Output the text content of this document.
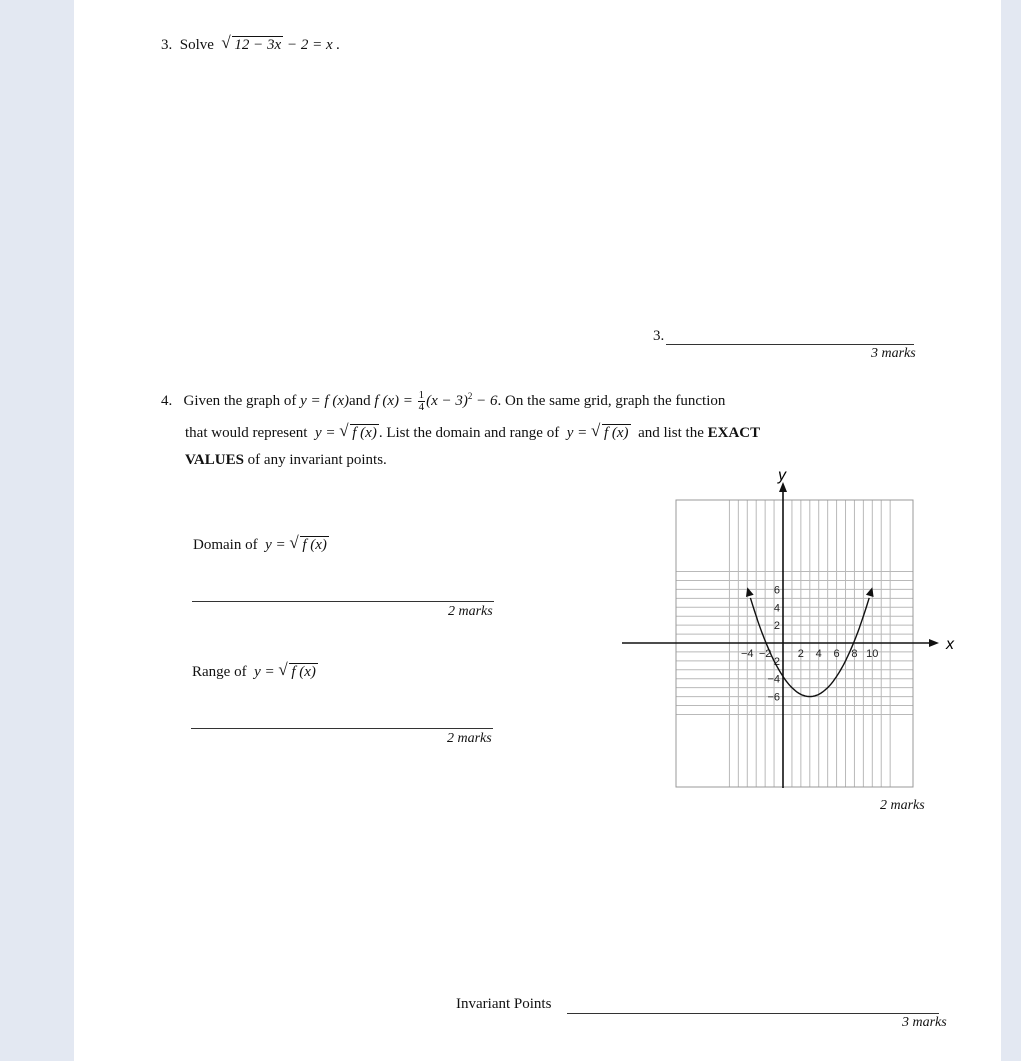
3. Solve √ 12 − 3x − 2 = x .
3.
3 marks
4. Given the graph of y = f (x)and f $(x) = \frac{1}{4} (x - 3)^2 - 6$. On the same grid, graph the function
that would represent y = √ f (x) . List the domain and range of y = √ f (x) and list the EXACT
VALUES of any invariant points.
Domain of y = √ f (x)
2 marks
Range of y = √ f (x)
2 marks
x
y
−4 −2 2 4 6 8 10
6
4
2
2
−4
−6
2 marks
Invariant Points
3 marks
